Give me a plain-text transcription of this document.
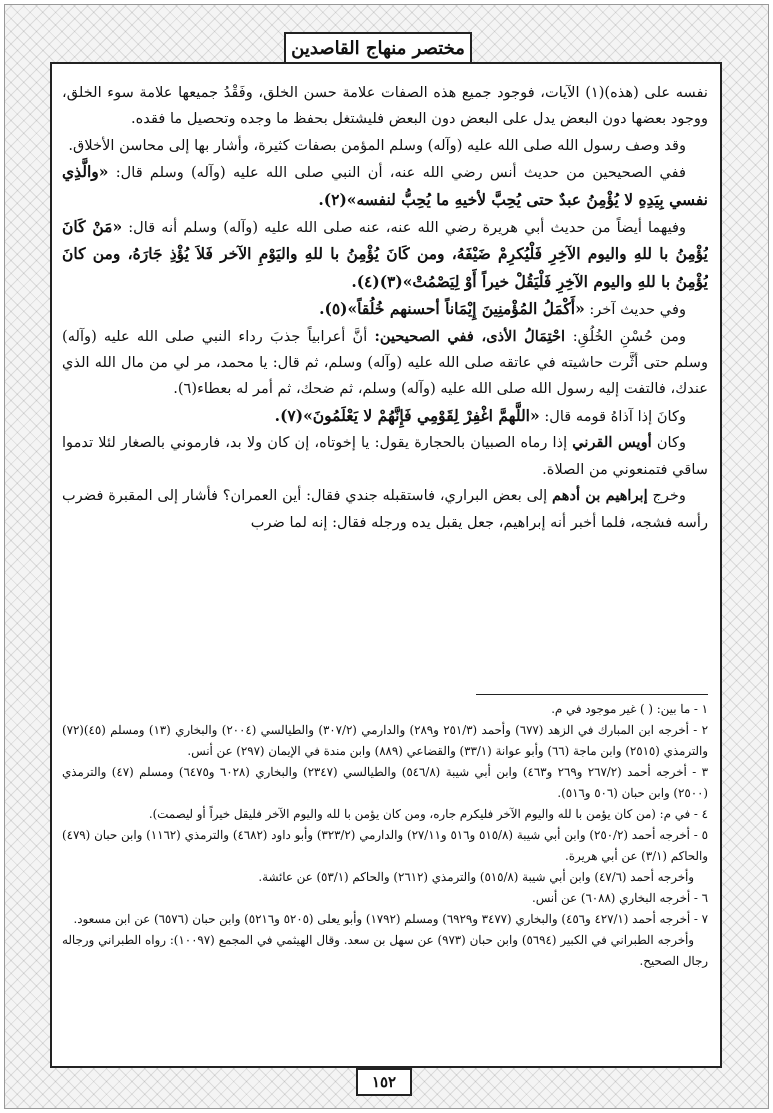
مختصر منهاج القاصدين

نفسه على (هذه)(١) الآيات، فوجود جميع هذه الصفات علامة حسن الخلق، وفَقْدُ جميعها علامة سوء الخلق، ووجود بعضها دون البعض يدل على البعض دون البعض فليشتغل بحفظ ما وجده وتحصيل ما فقده.

وقد وصف رسول الله صلى الله عليه (وآله) وسلم المؤمن بصفات كثيرة، وأشار بها إلى محاسن الأخلاق.

ففي الصحيحين من حديث أنس رضي الله عنه، أن النبي صلى الله عليه (وآله) وسلم قال: «والَّذِي نفسي بِيَدِهِ لا يُؤْمِنُ عبدٌ حتى يُحِبَّ لأخيهِ ما يُحِبُّ لنفسه»(٢).

وفيهما أيضاً من حديث أبي هريرة رضي الله عنه، عنه صلى الله عليه (وآله) وسلم أنه قال: «مَنْ كَانَ يُؤْمِنُ با للهِ واليوم الآخِرِ فَلْيُكرِمْ ضَيْفَهُ، ومن كَانَ يُؤْمِنُ با للهِ واليَوْمِ الآخر فَلاَ يُؤْذِ جَارَهُ، ومن كانَ يُؤْمِنُ با للهِ واليوم الآخِرِ فَلْيَقُلْ خيراً أَوْ لِيَصْمُتْ»(٣)(٤).

وفي حديث آخر: «أَكْمَلُ المُؤْمنِينَ إِيْمَاناً أحسنهم خُلُقاً»(٥).

ومن حُسْنِ الخُلُقِ: احْتِمَالُ الأذى، ففي الصحيحين: أنَّ أعرابياً جذبَ رداء النبي صلى الله عليه (وآله) وسلم حتى أثَّرت حاشيته في عاتقه صلى الله عليه (وآله) وسلم، ثم قال: يا محمد، مر لي من مال الله الذي عندك، فالتفت إليه رسول الله صلى الله عليه (وآله) وسلم، ثم ضحك، ثم أمر له بعطاء(٦).

وكانَ إذا آذاهُ قومه قال: «اللَّهمَّ اغْفِرْ لِقَوْمِي فَإِنَّهُمْ لا يَعْلَمُونَ»(٧).

وكان أويس القرني إذا رماه الصبيان بالحجارة يقول: يا إخوتاه، إن كان ولا بد، فارموني بالصغار لئلا تدموا ساقي فتمنعوني من الصلاة.

وخرج إبراهيم بن أدهم إلى بعض البراري، فاستقبله جندي فقال: أين العمران؟ فأشار إلى المقبرة فضرب رأسه فشجه، فلما أخبر أنه إبراهيم، جعل يقبل يده ورجله فقال: إنه لما ضرب

١ - ما بين: ( ) غير موجود في م.

٢ - أخرجه ابن المبارك في الزهد (٦٧٧) وأحمد (٢٥١/٣ و٢٨٩) والدارمي (٣٠٧/٢) والطيالسي (٢٠٠٤) والبخاري (١٣) ومسلم (٤٥)(٧٢) والترمذي (٢٥١٥) وابن ماجة (٦٦) وأبو عوانة (٣٣/١) والقضاعي (٨٨٩) وابن مندة في الإيمان (٢٩٧) عن أنس.

٣ - أخرجه أحمد (٢٦٧/٢ و٢٦٩ و٤٦٣) وابن أبي شيبة (٥٤٦/٨) والطيالسي (٢٣٤٧) والبخاري (٦٠٢٨ و٦٤٧٥) ومسلم (٤٧) والترمذي (٢٥٠٠) وابن حبان (٥٠٦ و٥١٦).

٤ - في م: (من كان يؤمن با لله واليوم الآخر فليكرم جاره، ومن كان يؤمن با لله واليوم الآخر فليقل خيراً أو ليصمت).

٥ - أخرجه أحمد (٢٥٠/٢) وابن أبي شيبة (٥١٥/٨ و٥١٦ و٢٧/١١) والدارمي (٣٢٣/٢) وأبو داود (٤٦٨٢) والترمذي (١١٦٢) وابن حبان (٤٧٩) والحاكم (٣/١) عن أبي هريرة.

وأخرجه أحمد (٤٧/٦) وابن أبي شيبة (٥١٥/٨) والترمذي (٢٦١٢) والحاكم (٥٣/١) عن عائشة.

٦ - أخرجه البخاري (٦٠٨٨) عن أنس.

٧ - أخرجه أحمد (٤٢٧/١ و٤٥٦) والبخاري (٣٤٧٧ و٦٩٢٩) ومسلم (١٧٩٢) وأبو يعلى (٥٢٠٥ و٥٢١٦) وابن حبان (٦٥٧٦) عن ابن مسعود.

وأخرجه الطبراني في الكبير (٥٦٩٤) وابن حبان (٩٧٣) عن سهل بن سعد. وقال الهيثمي في المجمع (١٠٠٩٧): رواه الطبراني ورجاله رجال الصحيح.

١٥٢
